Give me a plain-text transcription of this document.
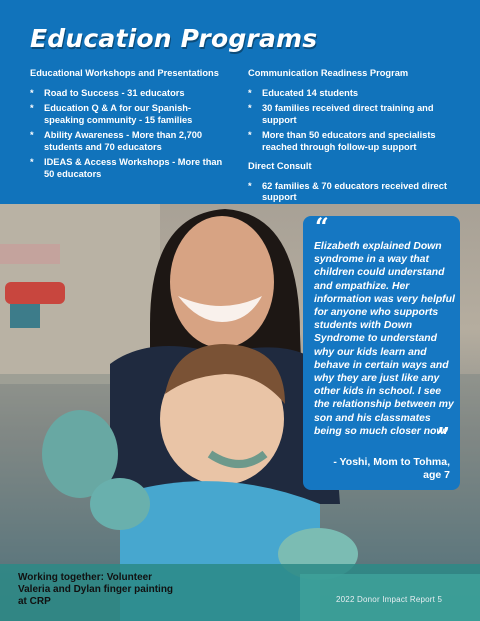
Education Programs

Educational Workshops and Presentations

* Road to Success - 31 educators
* Education Q & A for our Spanish-speaking community - 15 families
* Ability Awareness - More than 2,700 students and 70 educators
* IDEAS & Access Workshops - More than 50 educators

Communication Readiness Program

* Educated 14 students
* 30 families received direct training and support
* More than 50 educators and specialists reached through follow-up support

Direct Consult

* 62 families & 70 educators received direct support
“
Elizabeth explained Down syndrome in a way that children could understand and empathize. Her information was very helpful for anyone who supports students with Down Syndrome to understand why our kids learn and behave in certain ways and why they are just like any other kids in school. I see the relationship between my son and his classmates being so much closer now.
”
- Yoshi, Mom to Tohma, age 7
Working together: Volunteer Valeria and Dylan finger painting at CRP	2022 Donor Impact Report 5
